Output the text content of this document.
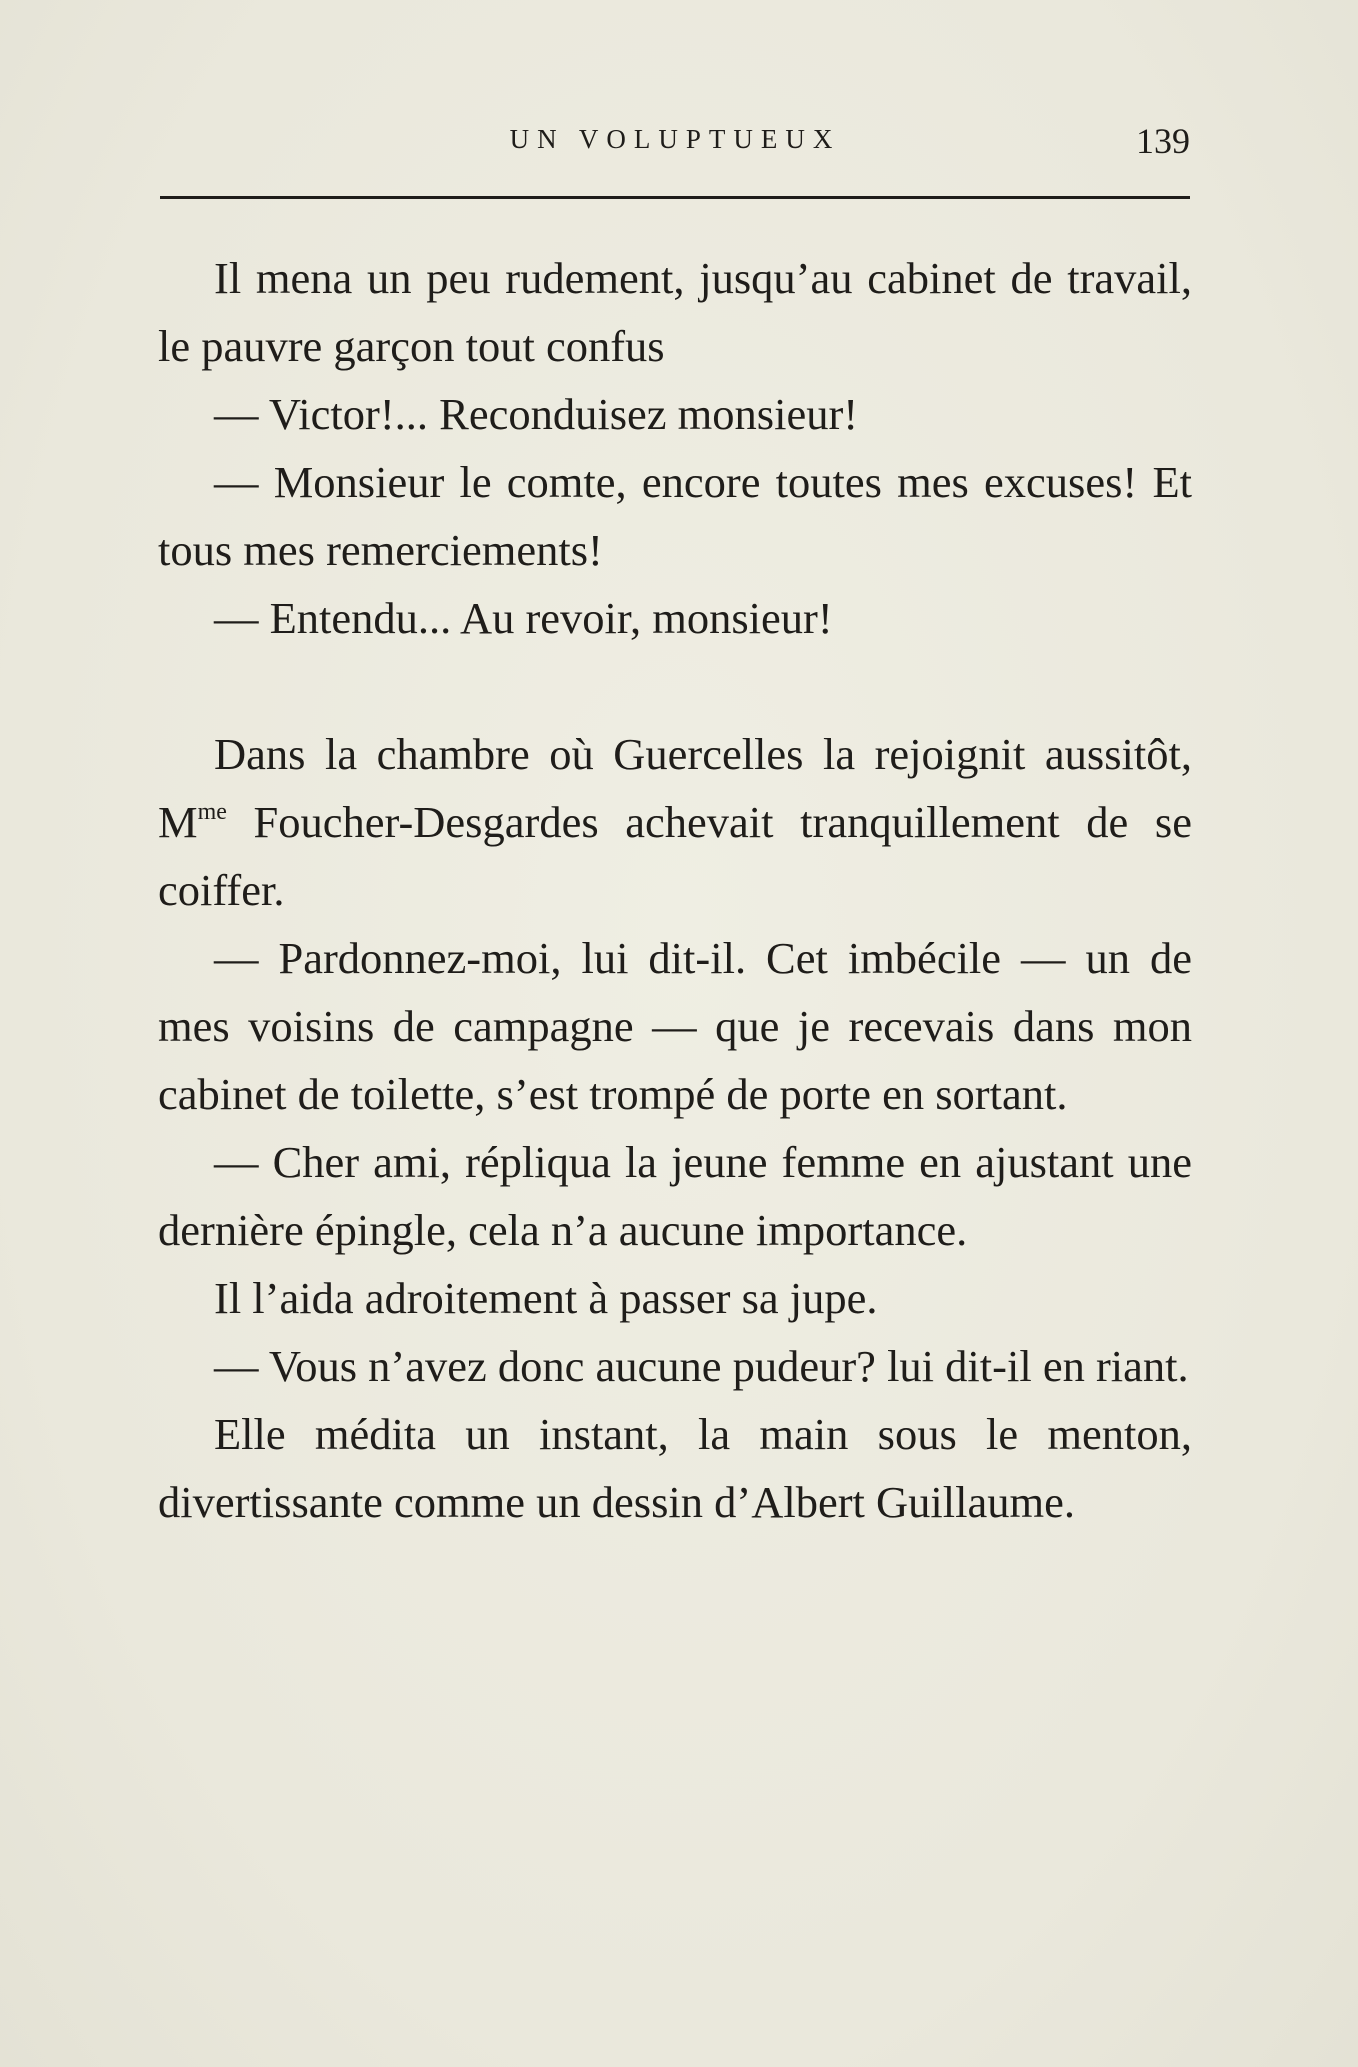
UN VOLUPTUEUX	139

Il mena un peu rudement, jusqu’au cabinet de travail, le pauvre garçon tout confus

— Victor!... Reconduisez monsieur!

— Monsieur le comte, encore toutes mes excuses! Et tous mes remerciements!

— Entendu... Au revoir, monsieur!

Dans la chambre où Guercelles la rejoignit aussitôt, $M^{me}$ Foucher-Desgardes achevait tranquillement de se coiffer.

— Pardonnez-moi, lui dit-il. Cet imbécile — un de mes voisins de campagne — que je recevais dans mon cabinet de toilette, s’est trompé de porte en sortant.

— Cher ami, répliqua la jeune femme en ajustant une dernière épingle, cela n’a aucune importance.

Il l’aida adroitement à passer sa jupe.

— Vous n’avez donc aucune pudeur? lui dit-il en riant.

Elle médita un instant, la main sous le menton, divertissante comme un dessin d’Albert Guillaume.
